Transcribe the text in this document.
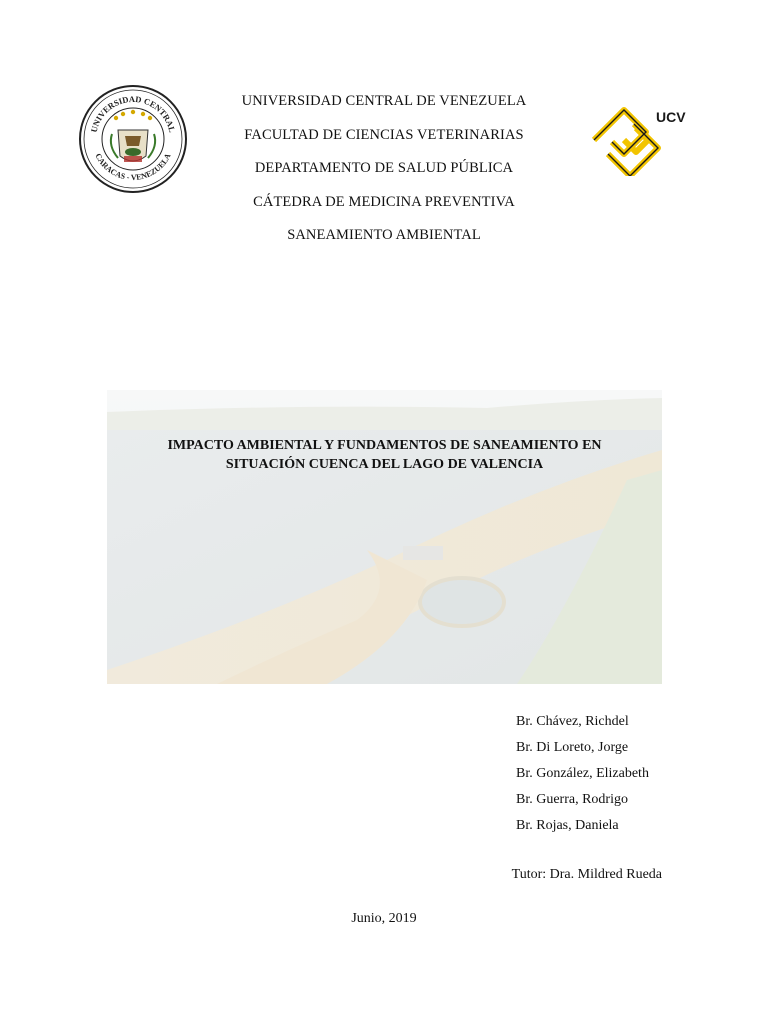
UNIVERSIDAD CENTRAL
CARACAS - VENEZUELA
UNIVERSIDAD CENTRAL DE VENEZUELA
FACULTAD DE CIENCIAS VETERINARIAS
DEPARTAMENTO DE SALUD PÚBLICA
CÁTEDRA DE MEDICINA PREVENTIVA
SANEAMIENTO AMBIENTAL
UCV
IMPACTO AMBIENTAL Y FUNDAMENTOS DE SANEAMIENTO EN
SITUACIÓN CUENCA DEL LAGO DE VALENCIA
Br. Chávez, Richdel
Br. Di Loreto, Jorge
Br. González, Elizabeth
Br. Guerra, Rodrigo
Br. Rojas, Daniela
Tutor: Dra. Mildred Rueda
Junio, 2019
